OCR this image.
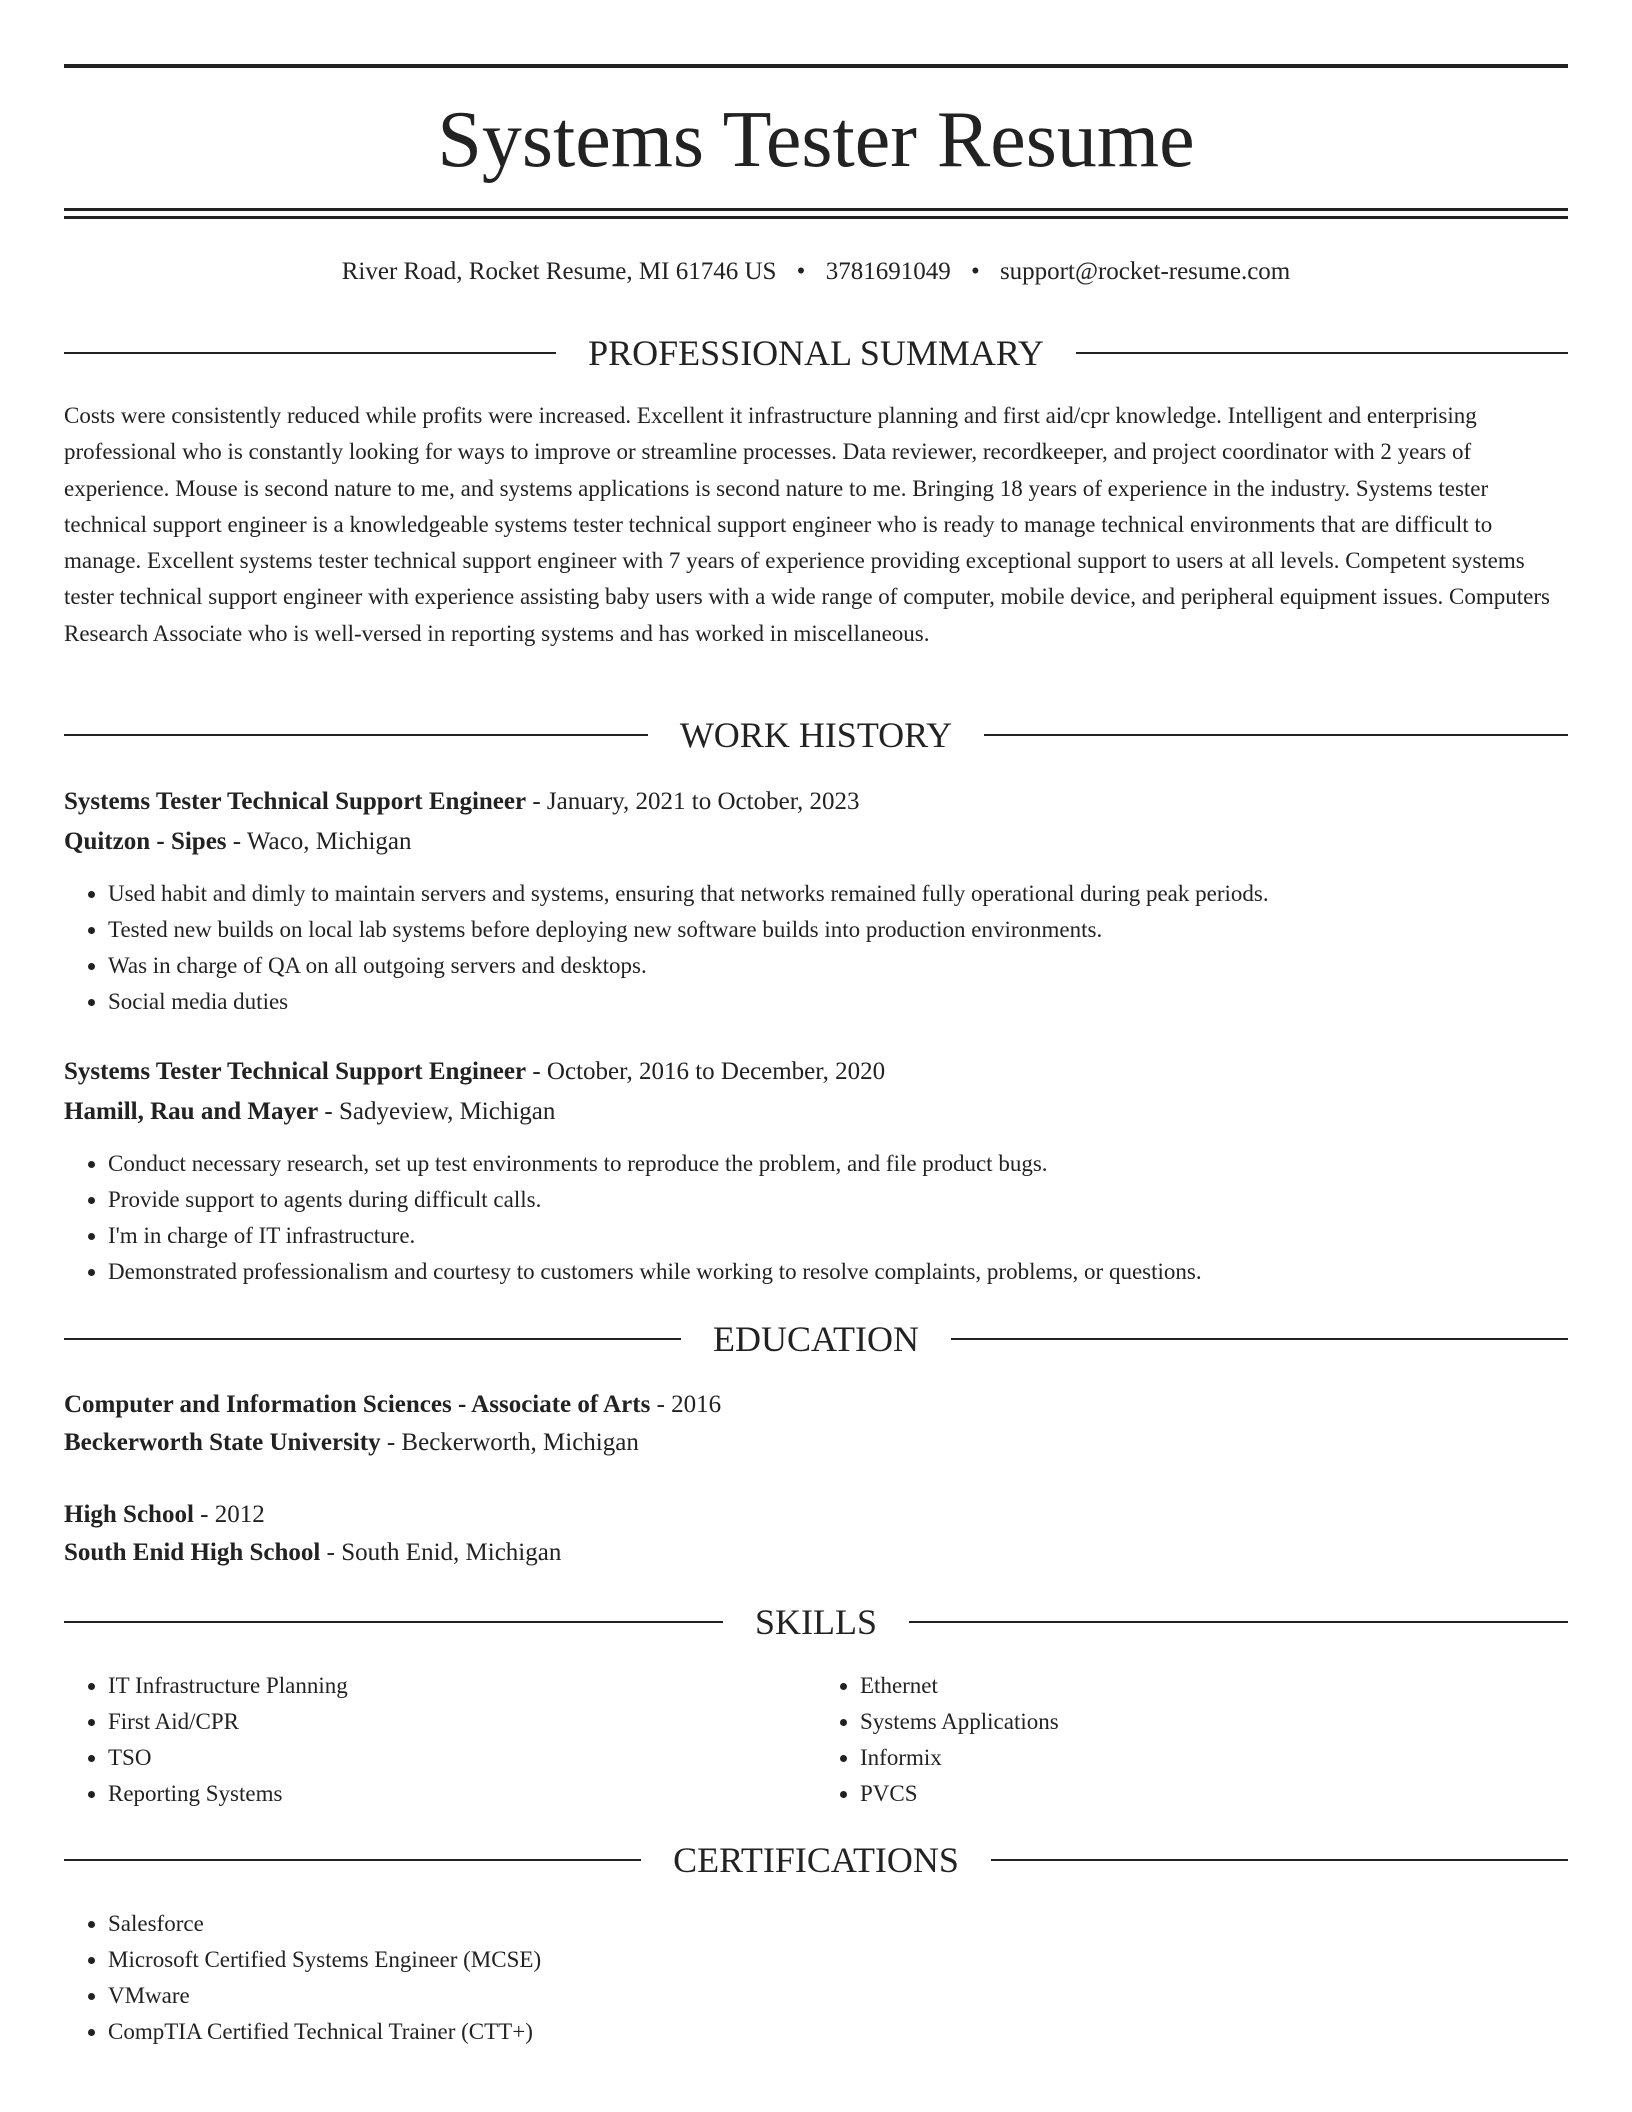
Systems Tester Resume
River Road, Rocket Resume, MI 61746 US • 3781691049 • support@rocket-resume.com
PROFESSIONAL SUMMARY

Costs were consistently reduced while profits were increased. Excellent it infrastructure planning and first aid/cpr knowledge. Intelligent and enterprising professional who is constantly looking for ways to improve or streamline processes. Data reviewer, recordkeeper, and project coordinator with 2 years of experience. Mouse is second nature to me, and systems applications is second nature to me. Bringing 18 years of experience in the industry. Systems tester technical support engineer is a knowledgeable systems tester technical support engineer who is ready to manage technical environments that are difficult to manage. Excellent systems tester technical support engineer with 7 years of experience providing exceptional support to users at all levels. Competent systems tester technical support engineer with experience assisting baby users with a wide range of computer, mobile device, and peripheral equipment issues. Computers Research Associate who is well-versed in reporting systems and has worked in miscellaneous.

WORK HISTORY
Systems Tester Technical Support Engineer - January, 2021 to October, 2023
Quitzon - Sipes - Waco, Michigan
• Used habit and dimly to maintain servers and systems, ensuring that networks remained fully operational during peak periods.
• Tested new builds on local lab systems before deploying new software builds into production environments.
• Was in charge of QA on all outgoing servers and desktops.
• Social media duties
Systems Tester Technical Support Engineer - October, 2016 to December, 2020
Hamill, Rau and Mayer - Sadyeview, Michigan
• Conduct necessary research, set up test environments to reproduce the problem, and file product bugs.
• Provide support to agents during difficult calls.
• I'm in charge of IT infrastructure.
• Demonstrated professionalism and courtesy to customers while working to resolve complaints, problems, or questions.
EDUCATION
Computer and Information Sciences - Associate of Arts - 2016
Beckerworth State University - Beckerworth, Michigan
High School - 2012
South Enid High School - South Enid, Michigan
SKILLS
• IT Infrastructure Planning
• First Aid/CPR
• TSO
• Reporting Systems
• Ethernet
• Systems Applications
• Informix
• PVCS
CERTIFICATIONS
• Salesforce
• Microsoft Certified Systems Engineer (MCSE)
• VMware
• CompTIA Certified Technical Trainer (CTT+)
